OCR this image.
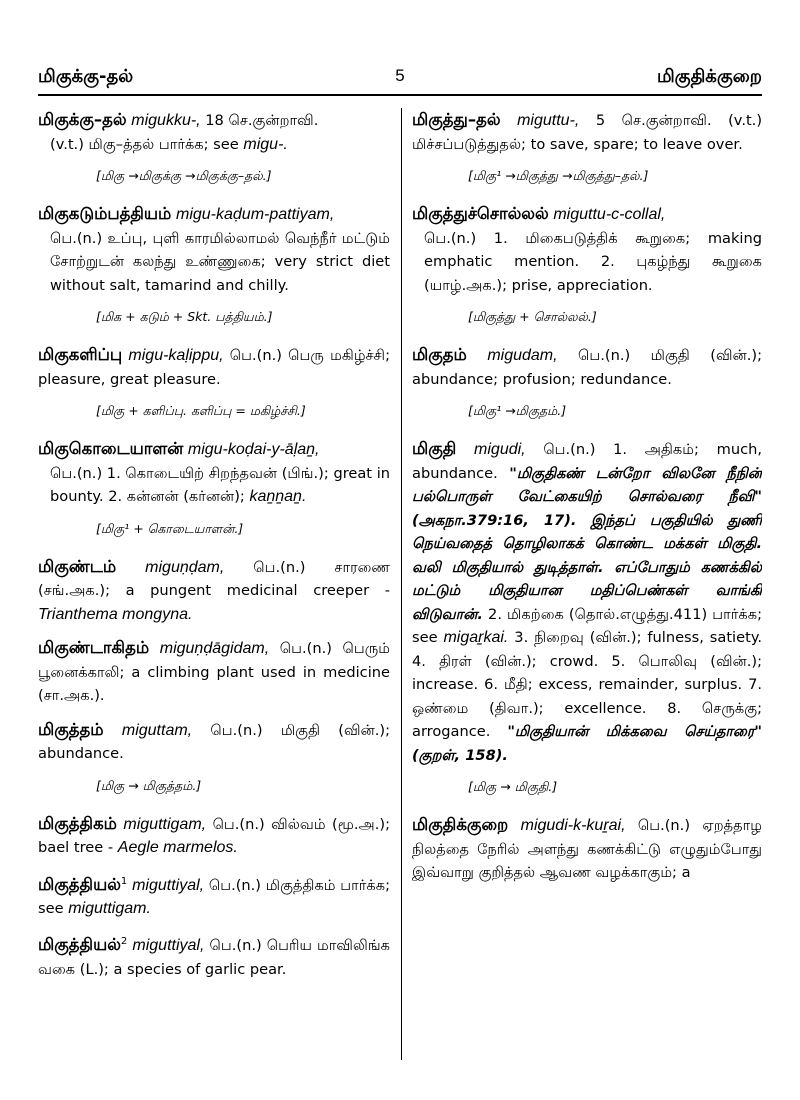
மிகுக்கு-தல்	5	மிகுதிக்குறை
மிகுக்கு–தல் migukku-, 18 செ.குன்றாவி.
(v.t.) மிகு–த்தல் பார்க்க; see migu-.
[மிகு →மிகுக்கு →மிகுக்கு–தல்.]
மிகுகடும்பத்தியம் migu-kaḍum-pattiyam,
பெ.(n.) உப்பு, புளி காரமில்லாமல் வெந்நீர் மட்டும் சோற்றுடன் கலந்து உண்ணுகை; very strict diet without salt, tamarind and chilly.
[மிக + கடும் + Skt. பத்தியம்.]
மிகுகளிப்பு migu-kaḷippu, பெ.(n.) பெரு மகிழ்ச்சி; pleasure, great pleasure.
[மிகு + களிப்பு. களிப்பு = மகிழ்ச்சி.]
மிகுகொடையாளன் migu-koḍai-y-āḷaṉ,
பெ.(n.) 1. கொடையிற் சிறந்தவன் (பிங்.); great in bounty. 2. கன்னன் (கர்னன்); kaṉṉaṉ.
[மிகு¹ + கொடையாளன்.]
மிகுண்டம் miguṇḍam, பெ.(n.) சாரணை (சங்.அக.); a pungent medicinal creeper - Trianthema mongyna.
மிகுண்டாகிதம் miguṇḍāgidam, பெ.(n.) பெரும் பூனைக்காலி; a climbing plant used in medicine (சா.அக.).
மிகுத்தம் miguttam, பெ.(n.) மிகுதி (வின்.); abundance.
[மிகு → மிகுத்தம்.]
மிகுத்திகம் miguttigam, பெ.(n.) வில்வம் (மூ.அ.); bael tree - Aegle marmelos.
மிகுத்தியல்$^1$ miguttiyal, பெ.(n.) மிகுத்திகம் பார்க்க; see miguttigam.
மிகுத்தியல்$^2$ miguttiyal, பெ.(n.) பெரிய மாவிலிங்க வகை (L.); a species of garlic pear.
மிகுத்து–தல் miguttu-, 5 செ.குன்றாவி. (v.t.) மிச்சப்படுத்துதல்; to save, spare; to leave over.
[மிகு¹ →மிகுத்து →மிகுத்து–தல்.]
மிகுத்துச்சொல்லல் miguttu-c-collal,
பெ.(n.) 1. மிகைபடுத்திக் கூறுகை; making emphatic mention. 2. புகழ்ந்து கூறுகை (யாழ்.அக.); prise, appreciation.
[மிகுத்து + சொல்லல்.]
மிகுதம் migudam, பெ.(n.) மிகுதி (வின்.); abundance; profusion; redundance.
[மிகு¹ →மிகுதம்.]
மிகுதி migudi, பெ.(n.) 1. அதிகம்; much, abundance. "மிகுதிகண் டன்றோ விலனே நீநின் பல்பொருள் வேட்கையிற் சொல்வரை நீவி" (அகநா.379:16, 17). இந்தப் பகுதியில் துணி நெய்வதைத் தொழிலாகக் கொண்ட மக்கள் மிகுதி. வலி மிகுதியால் துடித்தாள். எப்போதும் கணக்கில் மட்டும் மிகுதியான மதிப்பெண்கள் வாங்கி விடுவான். 2. மிகற்கை (தொல்.எழுத்து.411) பார்க்க; see migaṟkai. 3. நிறைவு (வின்.); fulness, satiety. 4. திரள் (வின்.); crowd. 5. பொலிவு (வின்.); increase. 6. மீதி; excess, remainder, surplus. 7. ஒண்மை (திவா.); excellence. 8. செருக்கு; arrogance. "மிகுதியான் மிக்கவை செய்தாரை" (குறள், 158).
[மிகு → மிகுதி.]
மிகுதிக்குறை migudi-k-kuṟai, பெ.(n.) ஏறத்தாழ நிலத்தை நேரில் அளந்து கணக்கிட்டு எழுதும்போது இவ்வாறு குறித்தல் ஆவண வழக்காகும்; a
